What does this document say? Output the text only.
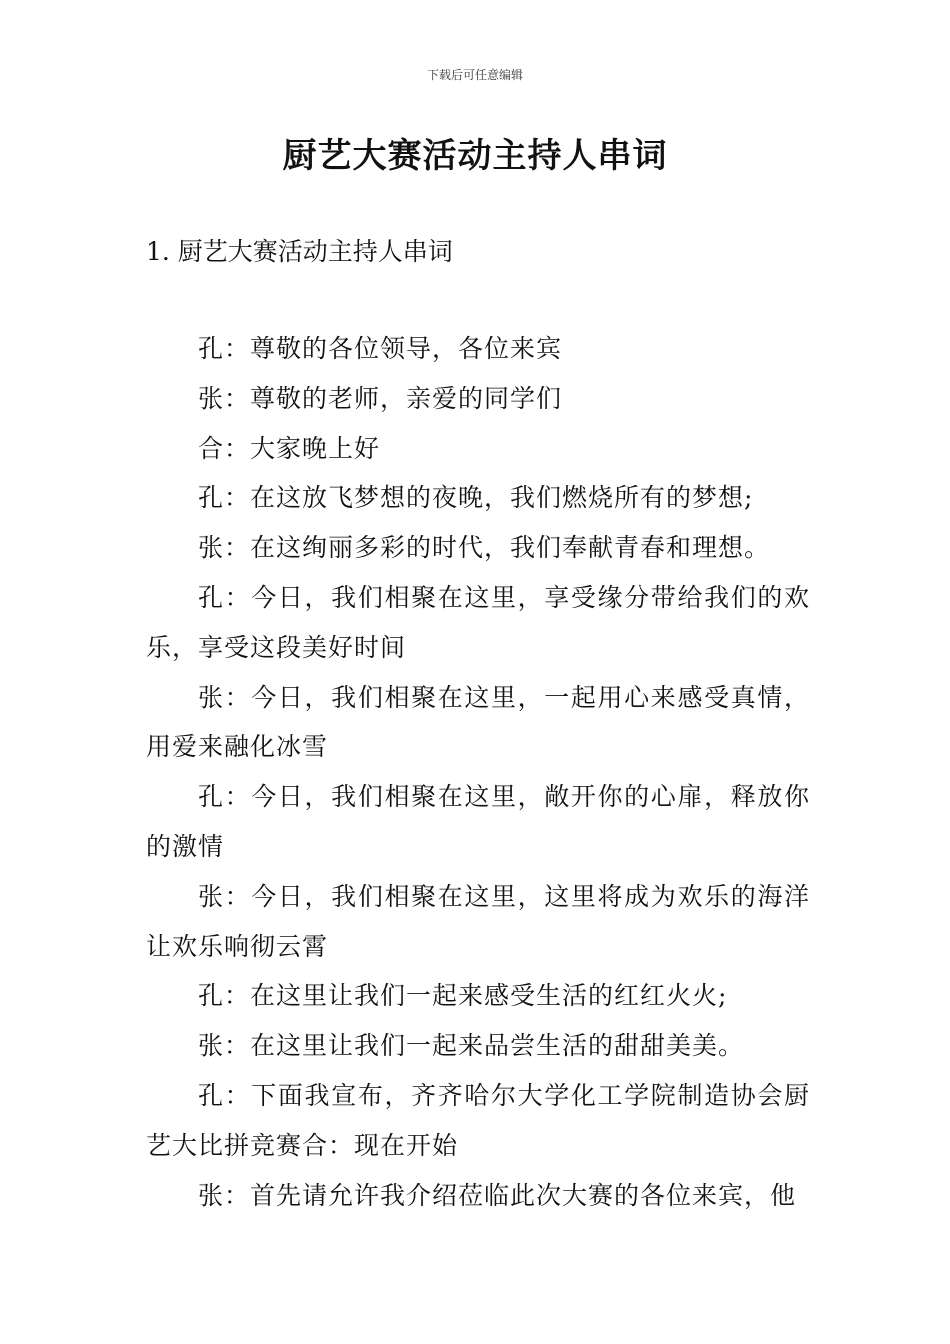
下载后可任意编辑
厨艺大赛活动主持人串词
1. 厨艺大赛活动主持人串词

孔：尊敬的各位领导，各位来宾

张：尊敬的老师，亲爱的同学们

合：大家晚上好

孔：在这放飞梦想的夜晚，我们燃烧所有的梦想;

张：在这绚丽多彩的时代，我们奉献青春和理想。

孔：今日，我们相聚在这里，享受缘分带给我们的欢乐，享受这段美好时间

张：今日，我们相聚在这里，一起用心来感受真情，用爱来融化冰雪

孔：今日，我们相聚在这里，敞开你的心扉，释放你的激情

张：今日，我们相聚在这里，这里将成为欢乐的海洋让欢乐响彻云霄

孔：在这里让我们一起来感受生活的红红火火;

张：在这里让我们一起来品尝生活的甜甜美美。

孔：下面我宣布，齐齐哈尔大学化工学院制造协会厨艺大比拼竞赛合：现在开始

张：首先请允许我介绍莅临此次大赛的各位来宾，他
